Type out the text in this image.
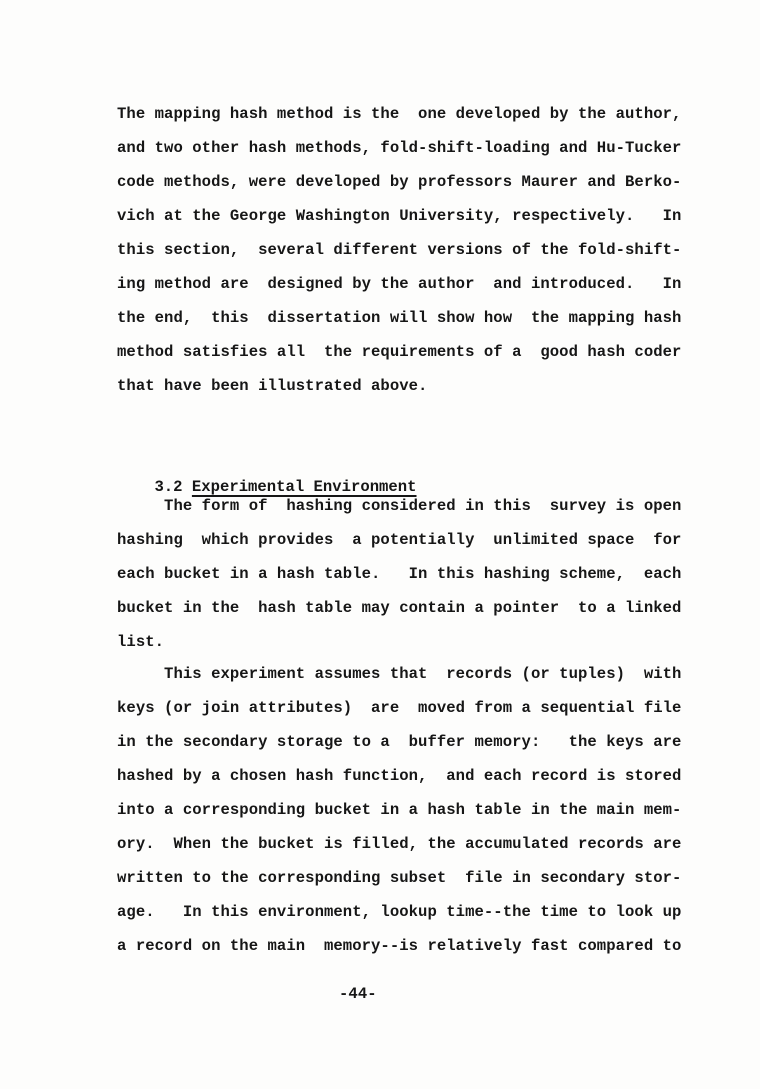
The mapping hash method is the  one developed by the author,
and two other hash methods, fold-shift-loading and Hu-Tucker
code methods, were developed by professors Maurer and Berko-
vich at the George Washington University, respectively.   In
this section,  several different versions of the fold-shift-
ing method are  designed by the author  and introduced.   In
the end,  this  dissertation will show how  the mapping hash
method satisfies all  the requirements of a  good hash coder
that have been illustrated above.

3.2 Experimental Environment

The form of  hashing considered in this  survey is open
hashing  which provides  a potentially  unlimited space  for
each bucket in a hash table.   In this hashing scheme,  each
bucket in the  hash table may contain a pointer  to a linked
list.
This experiment assumes that  records (or tuples)  with
keys (or join attributes)  are  moved from a sequential file
in the secondary storage to a  buffer memory:   the keys are
hashed by a chosen hash function,  and each record is stored
into a corresponding bucket in a hash table in the main mem-
ory.  When the bucket is filled, the accumulated records are
written to the corresponding subset  file in secondary stor-
age.   In this environment, lookup time--the time to look up
a record on the main  memory--is relatively fast compared to
-44-
